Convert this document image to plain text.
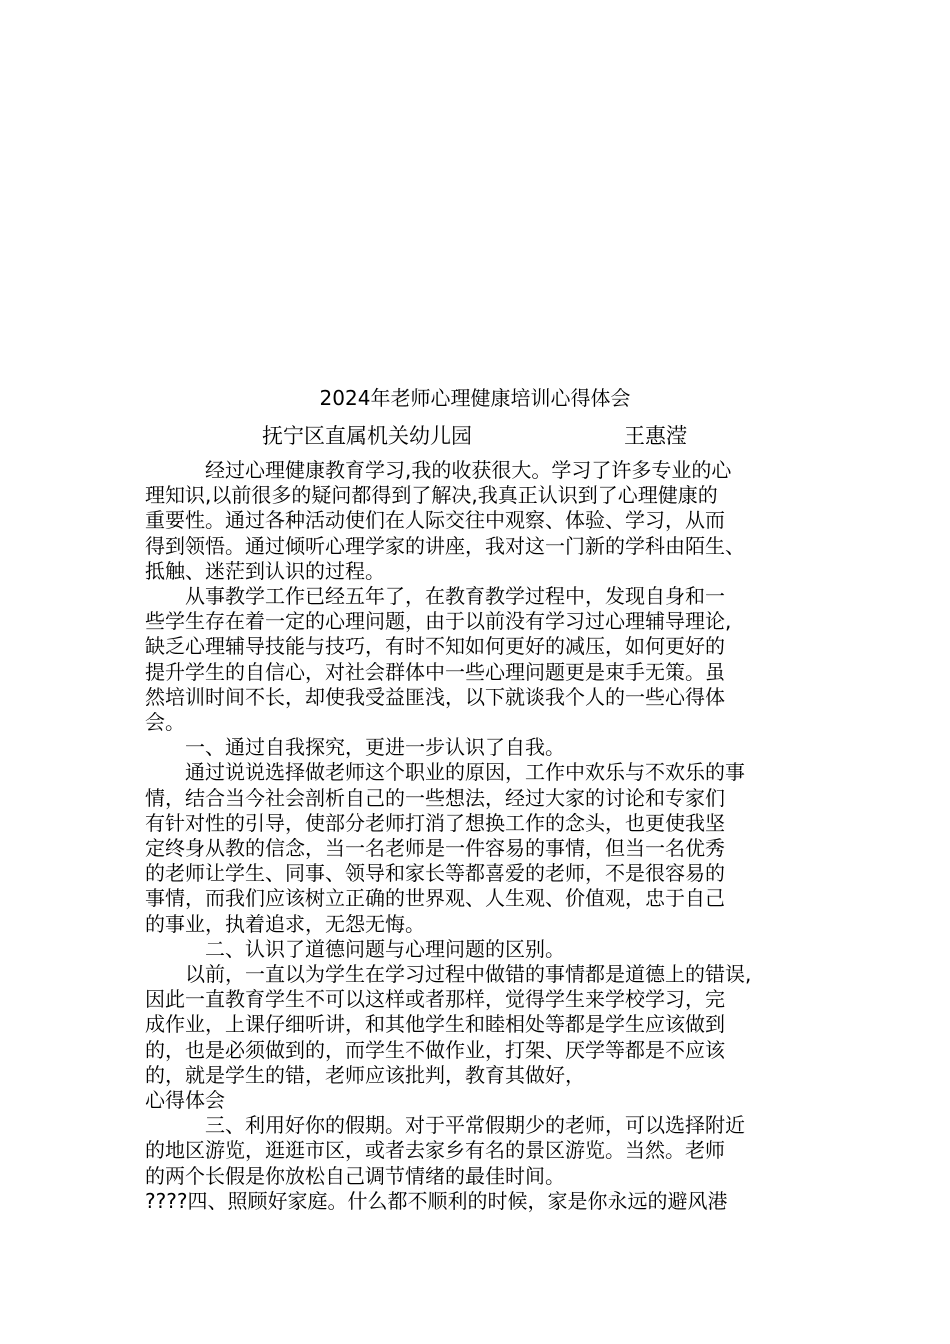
2024年老师心理健康培训心得体会
抚宁区直属机关幼儿园	王惠滢
　　　经过心理健康教育学习,我的收获很大。学习了许多专业的心
理知识,以前很多的疑问都得到了解决,我真正认识到了心理健康的
重要性。通过各种活动使们在人际交往中观察、体验、学习，从而
得到领悟。通过倾听心理学家的讲座，我对这一门新的学科由陌生、
抵触、迷茫到认识的过程。
　　从事教学工作已经五年了，在教育教学过程中，发现自身和一
些学生存在着一定的心理问题，由于以前没有学习过心理辅导理论,
缺乏心理辅导技能与技巧，有时不知如何更好的减压，如何更好的
提升学生的自信心，对社会群体中一些心理问题更是束手无策。虽
然培训时间不长，却使我受益匪浅，以下就谈我个人的一些心得体
会。
　　一、通过自我探究，更进一步认识了自我。
　　通过说说选择做老师这个职业的原因，工作中欢乐与不欢乐的事
情，结合当今社会剖析自己的一些想法，经过大家的讨论和专家们
有针对性的引导，使部分老师打消了想换工作的念头，也更使我坚
定终身从教的信念，当一名老师是一件容易的事情，但当一名优秀
的老师让学生、同事、领导和家长等都喜爱的老师，不是很容易的
事情，而我们应该树立正确的世界观、人生观、价值观，忠于自己
的事业，执着追求，无怨无悔。
　　　二、认识了道德问题与心理问题的区别。
　　以前，一直以为学生在学习过程中做错的事情都是道德上的错误,
因此一直教育学生不可以这样或者那样，觉得学生来学校学习，完
成作业，上课仔细听讲，和其他学生和睦相处等都是学生应该做到
的，也是必须做到的，而学生不做作业，打架、厌学等都是不应该
的，就是学生的错，老师应该批判，教育其做好，
心得体会
　　　三、利用好你的假期。对于平常假期少的老师，可以选择附近
的地区游览，逛逛市区，或者去家乡有名的景区游览。当然。老师
的两个长假是你放松自己调节情绪的最佳时间。
????四、照顾好家庭。什么都不顺利的时候，家是你永远的避风港
